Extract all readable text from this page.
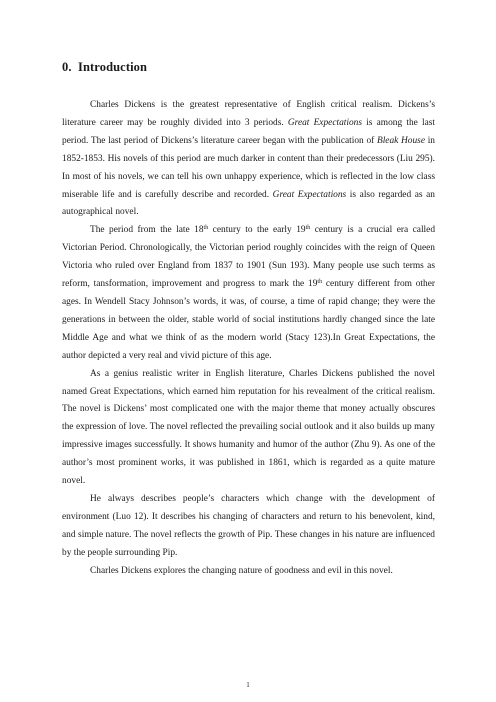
0. Introduction

Charles Dickens is the greatest representative of English critical realism. Dickens’s literature career may be roughly divided into 3 periods. Great Expectations is among the last period. The last period of Dickens’s literature career began with the publication of Bleak House in 1852-1853. His novels of this period are much darker in content than their predecessors (Liu 295). In most of his novels, we can tell his own unhappy experience, which is reflected in the low class miserable life and is carefully describe and recorded. Great Expectations is also regarded as an autographical novel.

The period from the late 18th century to the early 19th century is a crucial era called Victorian Period. Chronologically, the Victorian period roughly coincides with the reign of Queen Victoria who ruled over England from 1837 to 1901 (Sun 193). Many people use such terms as reform, tansformation, improvement and progress to mark the 19th century different from other ages. In Wendell Stacy Johnson’s words, it was, of course, a time of rapid change; they were the generations in between the older, stable world of social institutions hardly changed since the late Middle Age and what we think of as the modern world (Stacy 123).In Great Expectations, the author depicted a very real and vivid picture of this age.

As a genius realistic writer in English literature, Charles Dickens published the novel named Great Expectations, which earned him reputation for his revealment of the critical realism. The novel is Dickens’ most complicated one with the major theme that money actually obscures the expression of love. The novel reflected the prevailing social outlook and it also builds up many impressive images successfully. It shows humanity and humor of the author (Zhu 9). As one of the author’s most prominent works, it was published in 1861, which is regarded as a quite mature novel.

He always describes people’s characters which change with the development of environment (Luo 12). It describes his changing of characters and return to his benevolent, kind, and simple nature. The novel reflects the growth of Pip. These changes in his nature are influenced by the people surrounding Pip.

Charles Dickens explores the changing nature of goodness and evil in this novel.

1
